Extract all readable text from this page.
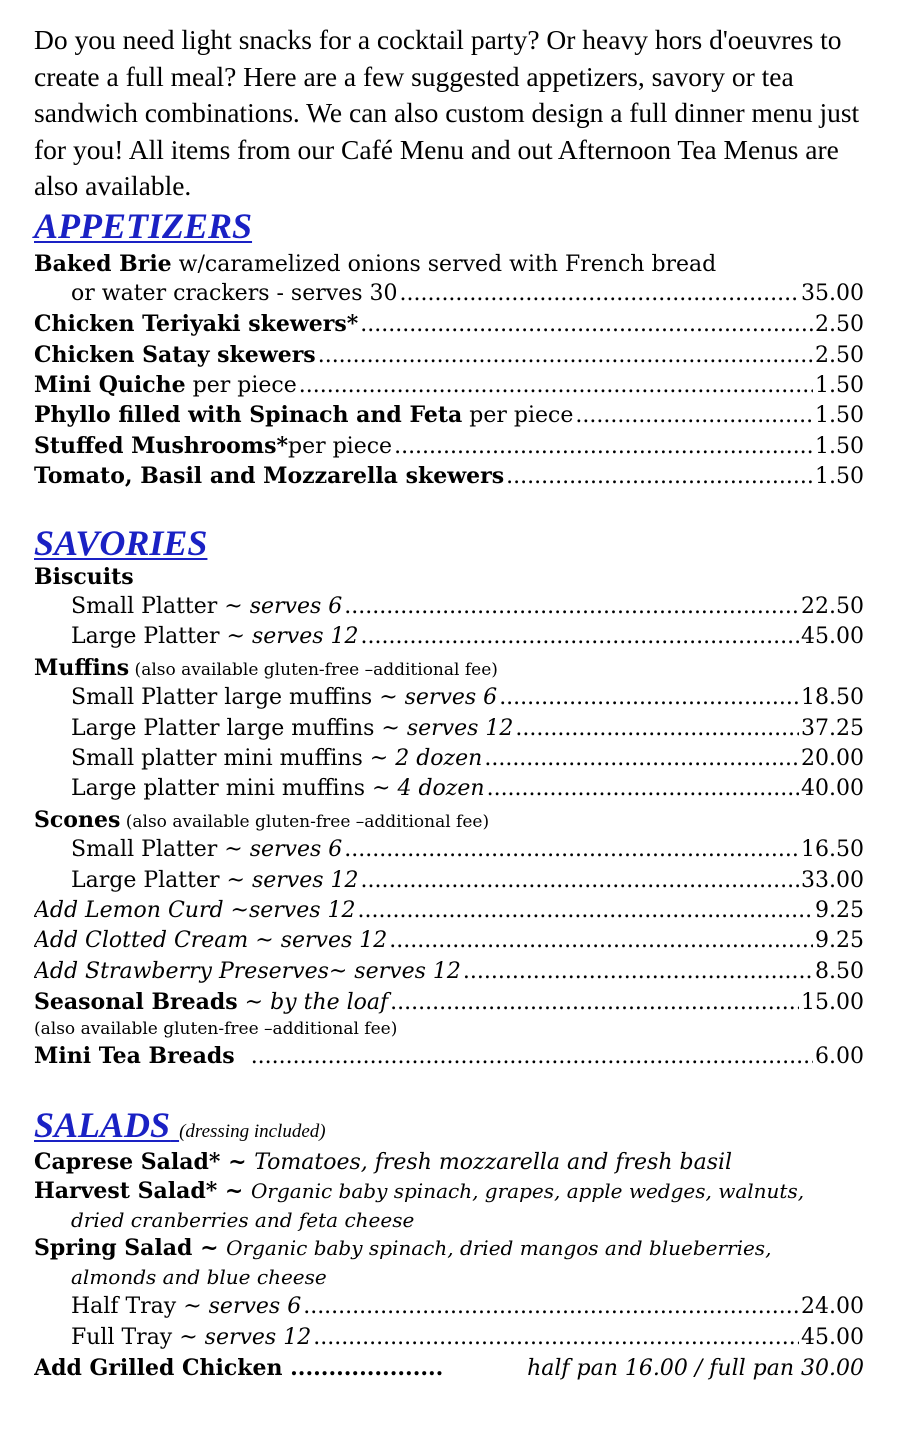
Do you need light snacks for a cocktail party? Or heavy hors d'oeuvres to create a full meal? Here are a few suggested appetizers, savory or tea sandwich combinations. We can also custom design a full dinner menu just for you! All items from our Café Menu and out Afternoon Tea Menus are also available.

APPETIZERS
Baked Brie w/caramelized onions served with French bread
or water crackers - serves 30 .....	35.00
Chicken Teriyaki skewers* .....	2.50
Chicken Satay skewers .....	2.50
Mini Quiche per piece .....	1.50
Phyllo filled with Spinach and Feta per piece .....	1.50
Stuffed Mushrooms*per piece .....	1.50
Tomato, Basil and Mozzarella skewers .....	1.50
SAVORIES
Biscuits
Small Platter ~ serves 6 .....	22.50
Large Platter ~ serves 12 .....	45.00
Muffins (also available gluten-free –additional fee)
Small Platter large muffins ~ serves 6 .....	18.50
Large Platter large muffins ~ serves 12 .....	37.25
Small platter mini muffins ~ 2 dozen .....	20.00
Large platter mini muffins ~ 4 dozen .....	40.00
Scones (also available gluten-free –additional fee)
Small Platter ~ serves 6 .....	16.50
Large Platter ~ serves 12 .....	33.00
Add Lemon Curd ~serves 12 .....	9.25
Add Clotted Cream ~ serves 12 .....	9.25
Add Strawberry Preserves~ serves 12 .....	8.50
Seasonal Breads ~ by the loaf .....	15.00
(also available gluten-free –additional fee)
Mini Tea Breads .....	6.00
SALADS (dressing included)
Caprese Salad* ~ Tomatoes, fresh mozzarella and fresh basil
Harvest Salad* ~ Organic baby spinach, grapes, apple wedges, walnuts,
dried cranberries and feta cheese
Spring Salad ~ Organic baby spinach, dried mangos and blueberries,
almonds and blue cheese
Half Tray ~ serves 6 .....	24.00
Full Tray ~ serves 12 .....	45.00
Add Grilled Chicken ....................	half pan 16.00 / full pan 30.00
